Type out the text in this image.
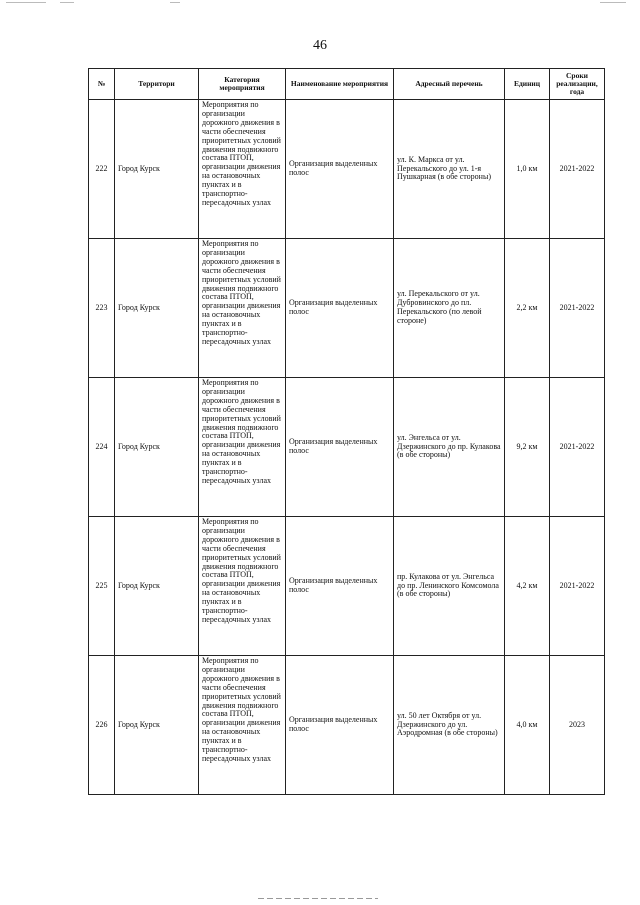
46
№	Территори	Категория мероприятия	Наименование мероприятия	Адресный перечень	Единиц	Сроки реализации, года
222	Город Курск	Мероприятия по организации дорожного движения в части обеспечения приоритетных условий движения подвижного состава ПТОП, организации движения на остановочных пунктах и в транспортно-пересадочных узлах	Организация выделенных полос	ул. К. Маркса от ул. Перекальского до ул. 1-я Пушкарная (в обе стороны)	1,0 км	2021-2022
223	Город Курск	Мероприятия по организации дорожного движения в части обеспечения приоритетных условий движения подвижного состава ПТОП, организации движения на остановочных пунктах и в транспортно-пересадочных узлах	Организация выделенных полос	ул. Перекальского от ул. Дубровинского до пл. Перекальского (по левой стороне)	2,2 км	2021-2022
224	Город Курск	Мероприятия по организации дорожного движения в части обеспечения приоритетных условий движения подвижного состава ПТОП, организации движения на остановочных пунктах и в транспортно-пересадочных узлах	Организация выделенных полос	ул. Энгельса от ул. Дзержинского до пр. Кулакова (в обе стороны)	9,2 км	2021-2022
225	Город Курск	Мероприятия по организации дорожного движения в части обеспечения приоритетных условий движения подвижного состава ПТОП, организации движения на остановочных пунктах и в транспортно-пересадочных узлах	Организация выделенных полос	пр. Кулакова от ул. Энгельса до пр. Ленинского Комсомола (в обе стороны)	4,2 км	2021-2022
226	Город Курск	Мероприятия по организации дорожного движения в части обеспечения приоритетных условий движения подвижного состава ПТОП, организации движения на остановочных пунктах и в транспортно-пересадочных узлах	Организация выделенных полос	ул. 50 лет Октября от ул. Дзержинского до ул. Аэродромная (в обе стороны)	4,0 км	2023
